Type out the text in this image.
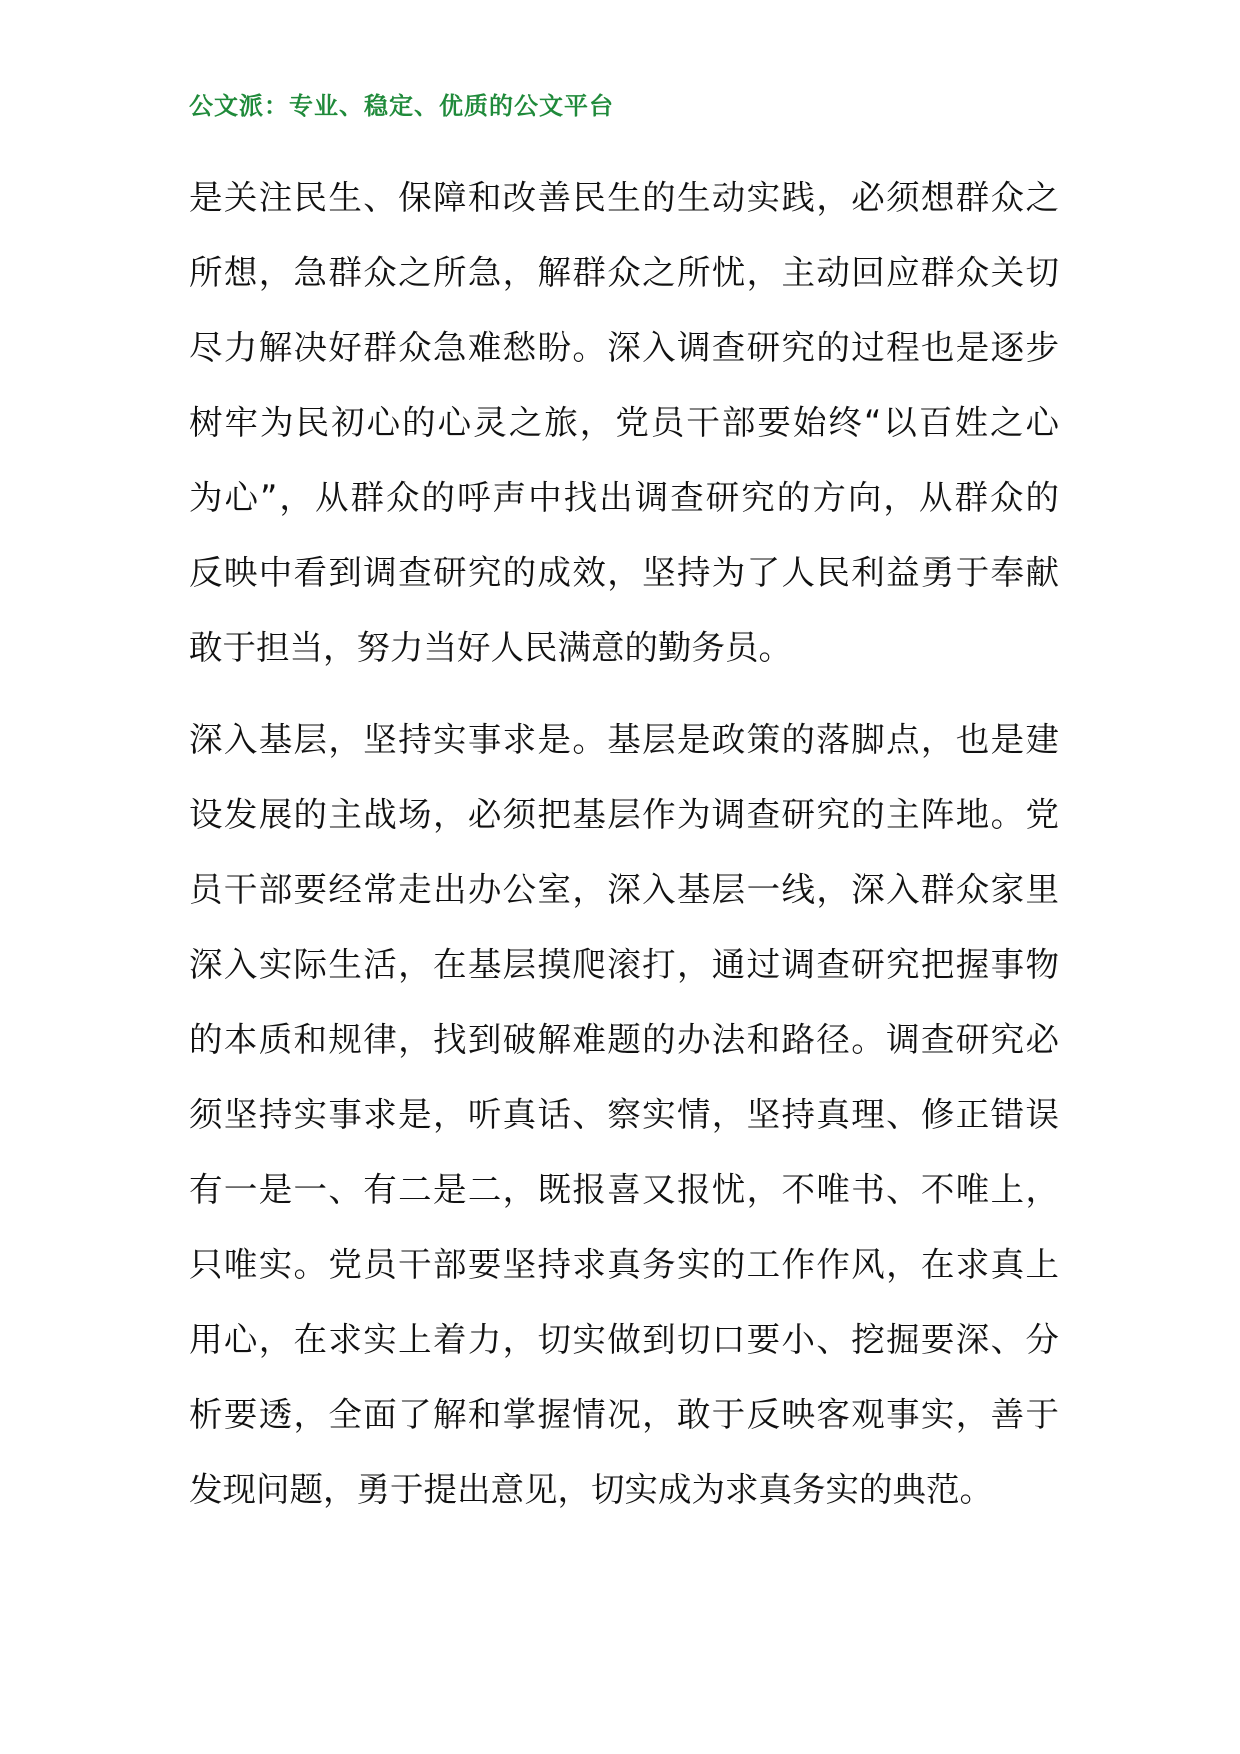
公文派：专业、稳定、优质的公文平台
是关注民生、保障和改善民生的生动实践，必须想群众之
所想，急群众之所急，解群众之所忧，主动回应群众关切
尽力解决好群众急难愁盼。深入调查研究的过程也是逐步
树牢为民初心的心灵之旅，党员干部要始终“以百姓之心
为心”，从群众的呼声中找出调查研究的方向，从群众的
反映中看到调查研究的成效，坚持为了人民利益勇于奉献
敢于担当，努力当好人民满意的勤务员。
深入基层，坚持实事求是。基层是政策的落脚点，也是建
设发展的主战场，必须把基层作为调查研究的主阵地。党
员干部要经常走出办公室，深入基层一线，深入群众家里
深入实际生活，在基层摸爬滚打，通过调查研究把握事物
的本质和规律，找到破解难题的办法和路径。调查研究必
须坚持实事求是，听真话、察实情，坚持真理、修正错误
有一是一、有二是二，既报喜又报忧，不唯书、不唯上，
只唯实。党员干部要坚持求真务实的工作作风，在求真上
用心，在求实上着力，切实做到切口要小、挖掘要深、分
析要透，全面了解和掌握情况，敢于反映客观事实，善于
发现问题，勇于提出意见，切实成为求真务实的典范。
